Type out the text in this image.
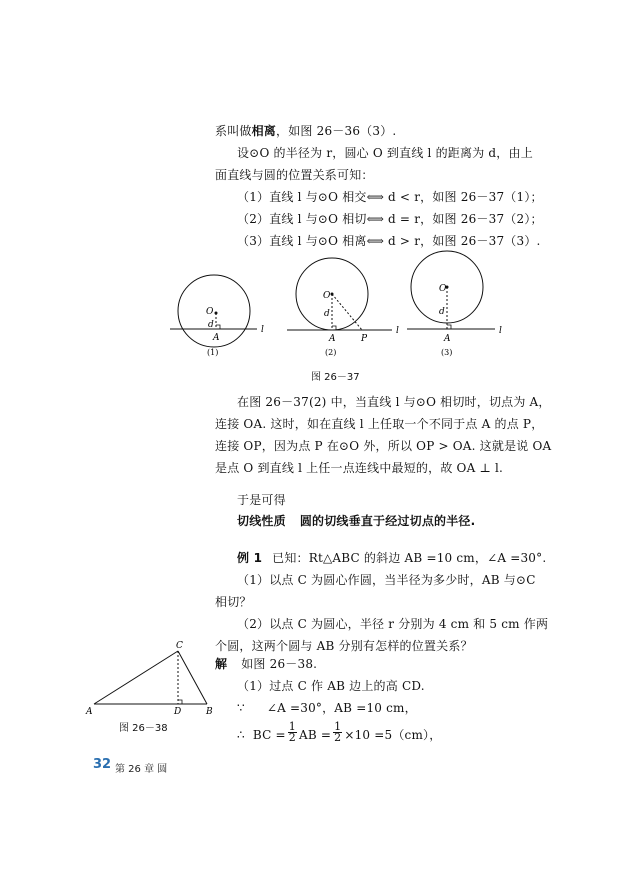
系叫做相离，如图 26－36（3）.
设⊙O 的半径为 r，圆心 O 到直线 l 的距离为 d，由上
面直线与圆的位置关系可知：
（1）直线 l 与⊙O 相交⟺ d < r，如图 26－37（1）；
（2）直线 l 与⊙O 相切⟺ d = r，如图 26－37（2）；
（3）直线 l 与⊙O 相离⟺ d > r，如图 26－37（3）.
O
d
A
l
(1)
O
d
A	P
l
(2)
O
d
A
l
(3)
图 26－37
在图 26－37(2) 中，当直线 l 与⊙O 相切时，切点为 A，
连接 OA. 这时，如在直线 l 上任取一个不同于点 A 的点 P，
连接 OP，因为点 P 在⊙O 外，所以 OP > OA. 这就是说 OA
是点 O 到直线 l 上任一点连线中最短的，故 OA ⊥ l.
于是可得
切线性质 圆的切线垂直于经过切点的半径.
例 1 已知：Rt△ABC 的斜边 AB =10 cm，∠A =30°.
（1）以点 C 为圆心作圆，当半径为多少时，AB 与⊙C
相切？
（2）以点 C 为圆心，半径 r 分别为 4 cm 和 5 cm 作两
个圆，这两个圆与 AB 分别有怎样的位置关系？
解 如图 26－38.
（1）过点 C 作 AB 边上的高 CD.
∵ ∠A =30°，AB =10 cm，
∴ BC = $\frac{1}{2}$ AB = $\frac{1}{2} \times 10 =5(cm)$，
C
A	D	B
图 26－38
32 第 26 章 圆
